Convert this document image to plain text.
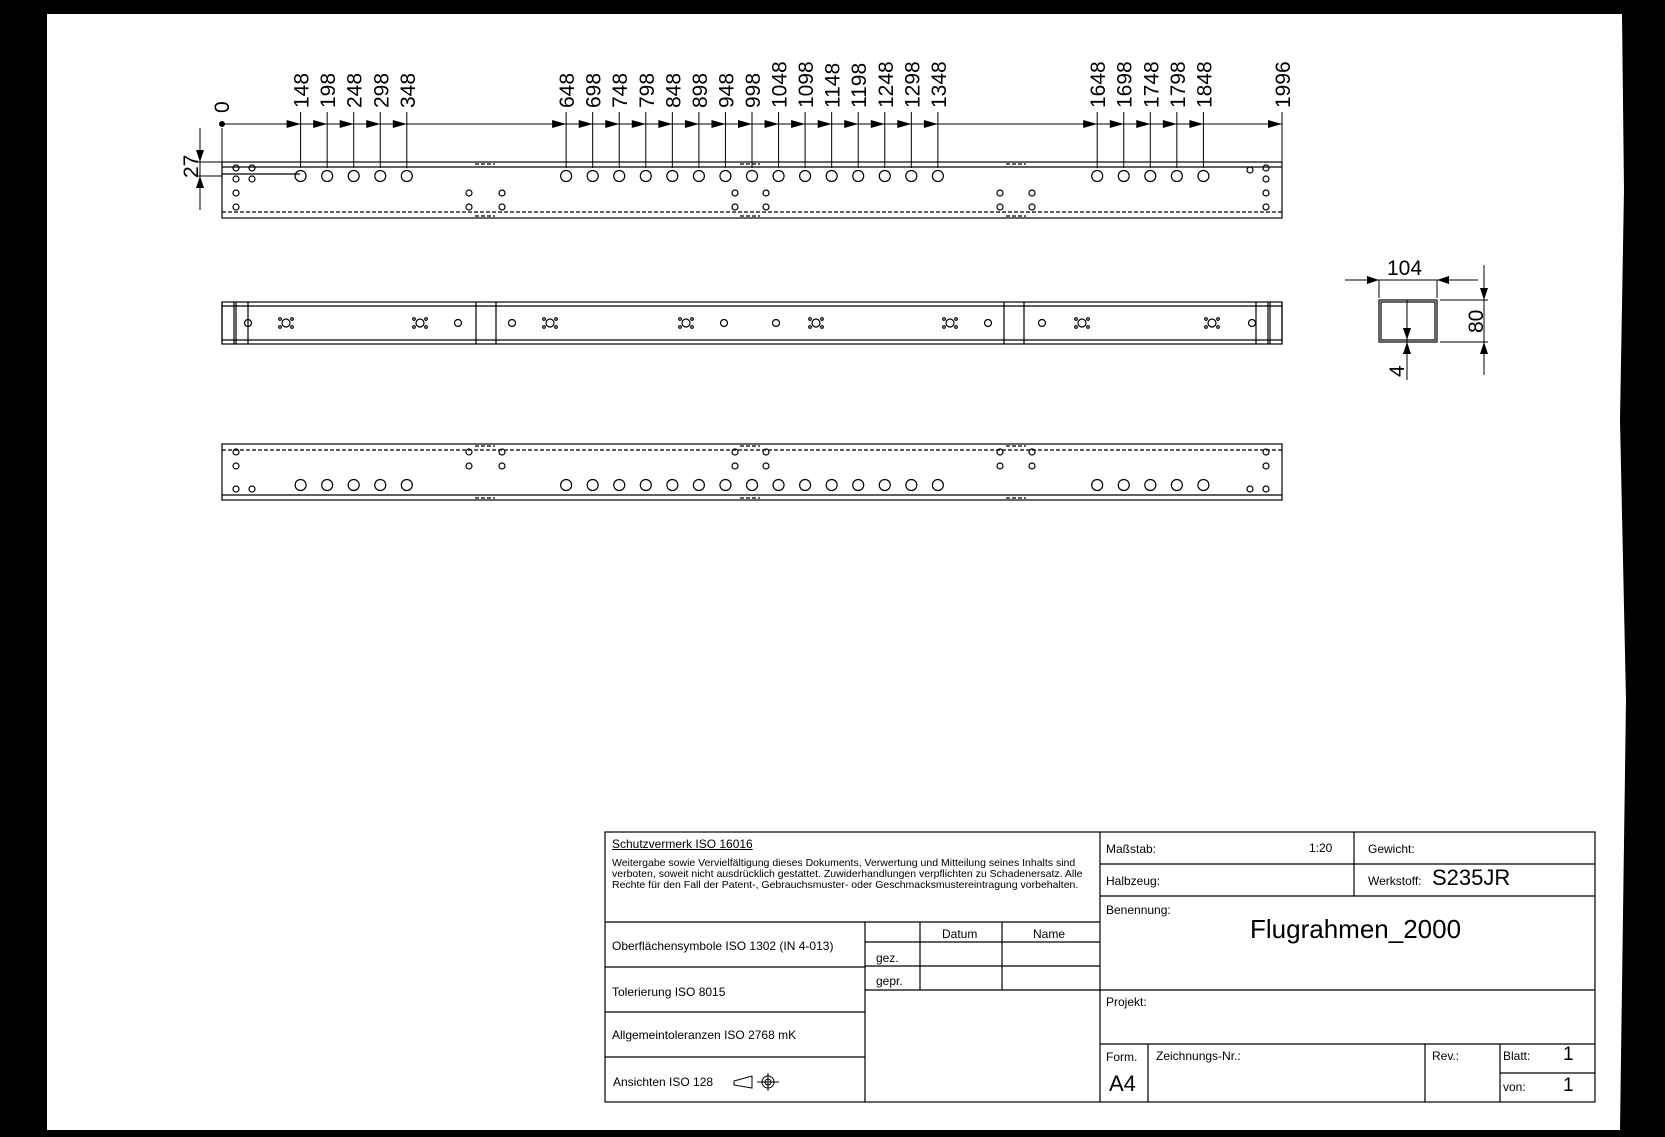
0	148 198 248 298 348	648 698 748 798 848 898 948 998 1048 1098 1148 1198 1248 1298 1348	1648 1698 1748 1798 1848	1996
27
104
80
4
Schutzvermerk ISO 16016
Weitergabe sowie Vervielfältigung dieses Dokuments, Verwertung und Mitteilung seines Inhalts sind verboten, soweit nicht ausdrücklich gestattet. Zuwiderhandlungen verpflichten zu Schadenersatz. Alle Rechte für den Fall der Patent-, Gebrauchsmuster- oder Geschmacksmustereintragung vorbehalten.
Oberflächensymbole ISO 1302 (IN 4-013)
Tolerierung ISO 8015
Allgemeintoleranzen ISO 2768 mK
Ansichten ISO 128
Datum	Name
gez.
gepr.
Maßstab:	1:20	Gewicht:
Halbzeug:	Werkstoff: S235JR
Benennung:
Flugrahmen_2000
Projekt:
Form.
A4
Zeichnungs-Nr.:	Rev.:	Blatt: 1
von: 1
